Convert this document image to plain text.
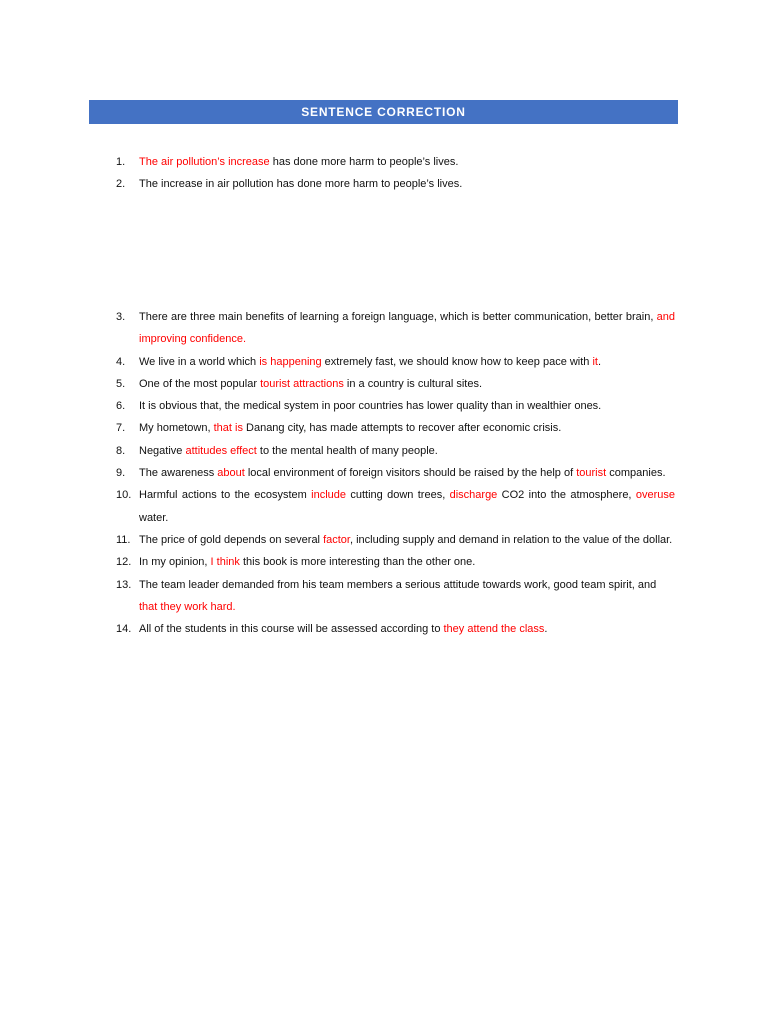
SENTENCE CORRECTION
1.	The air pollution’s increase has done more harm to people’s lives.
2.	The increase in air pollution has done more harm to people’s lives.
3.	There are three main benefits of learning a foreign language, which is better communication, better brain, and improving confidence.
4.	We live in a world which is happening extremely fast, we should know how to keep pace with it.
5.	One of the most popular tourist attractions in a country is cultural sites.
6.	It is obvious that, the medical system in poor countries has lower quality than in wealthier ones.
7.	My hometown, that is Danang city, has made attempts to recover after economic crisis.
8.	Negative attitudes effect to the mental health of many people.
9.	The awareness about local environment of foreign visitors should be raised by the help of tourist companies.
10. Harmful actions to the ecosystem include cutting down trees, discharge CO2 into the atmosphere, overuse water.
11. The price of gold depends on several factor, including supply and demand in relation to the value of the dollar.
12. In my opinion, I think this book is more interesting than the other one.
13. The team leader demanded from his team members a serious attitude towards work, good team spirit, and that they work hard.
14. All of the students in this course will be assessed according to they attend the class.
